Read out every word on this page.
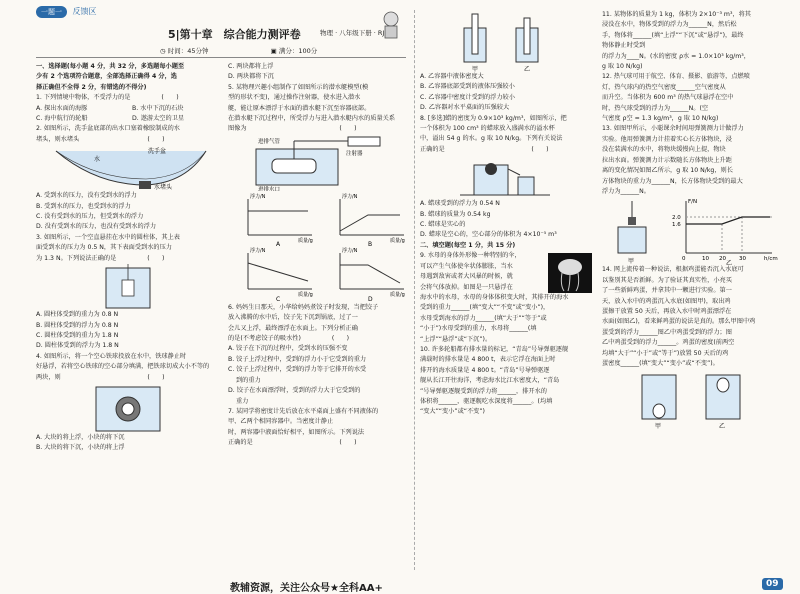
一题一 反馈区
5|第十章　综合能力测评卷	物理 · 八年级下册 · RJ
◷ 时间：45分钟	▣ 满分：100分
一、选择题(每小题 4 分，共 32 分，多选题每小题至
少有 2 个选项符合题意，全部选择正确得 4 分，选
择正确但不全得 2 分，有错选的不得分)
1. 下列情境中物体，不受浮力的是　　　　　(　　)
A. 探出水面的海豚	B. 水中下沉的石块
C. 海中航行的轮船	D. 遨游太空的卫星
2. 如图所示，洗手盆底部的出水口塞着橡胶制成的水
堵头，则水堵头　　　　　　　　　　　(　　)
洗手盆
水
水堵头
A. 受到水的压力，没有受到水的浮力
B. 受到水的压力，也受到水的浮力
C. 没有受到水的压力，但受到水的浮力
D. 没有受到水的压力，也没有受到水的浮力
3. 如图所示，一个空直悬挂在水中的圆柱体，其上表
面受到水的压力为 0.5 N，其下表面受到水的压力
为 1.3 N。下列说法正确的是　　　　　(　　)
A. 圆柱体受到的重力为 0.8 N
B. 圆柱体受到的浮力为 0.8 N
C. 圆柱体受到的重力为 1.8 N
D. 圆柱体受到的浮力为 1.8 N
4. 如图所示，将一个空心铁球投放在水中，铁球静止时
好悬浮，若将空心铁球的空心部分填满，把铁球切成大小不等的
两块，则　　　　　　　　　　　　　　(　　)
A. 大块的将上浮，小块的将下沉
B. 大块的将下沉，小块的将上浮
C. 两块都将上浮
D. 两块都将下沉
5. 某物理兴趣小组制作了如图所示的潜水艇模型(模
型的形状不变)，通过操作注射器，使水进入潜水
艇，能让原本漂浮于水面的潜水艇下沉至容器底部。
在潜水艇下沉过程中，所受浮力与进入潜水艇内水的质量关系
图像为　　　　　　　　　　　　　　　(　　)
进排气管
注射器
进排水口
浮力/N
质量/g
A
浮力/N
质量/g
B
浮力/N
质量/g
C
浮力/N
质量/g
D
6. 妈妈生日那天，小华给妈妈煮饺子时发现，当把饺子
放入沸腾的水中后，饺子先下沉到锅底，过了一
会儿又上浮，最终漂浮在水面上。下列分析正确
的是(不考虑饺子的吸水性)　　　　　(　　)
A. 饺子在下沉的过程中，受到水的压强不变
B. 饺子上浮过程中，受到的浮力小于它受到的重力
C. 饺子上浮过程中，受到的浮力等于它排开的水受
到的重力
D. 饺子在水面漂浮时，受到的浮力大于它受到的
重力
7. 某同学将密度计先后放在水平桌面上盛有不同液体的
甲、乙两个相同容器中。当密度计静止
时，两容器中液面恰好相平，如图所示。下列说法
正确的是　　　　　　　　　　　　　　(　　)
甲	乙
A. 乙容器中液体密度大
B. 乙容器底部受到的液体压强较小
C. 乙容器中密度计受到的浮力较小
D. 乙容器对水平桌面的压强较大
8. [多选]蜡的密度为 0.9×10³ kg/m³，如图所示，把
一个体积为 100 cm³ 的蜡球放入盛满水的溢水杯
中，溢出 54 g 的水。g 取 10 N/kg。下列有关说法
正确的是　　　　　　　　　　　　　　(　　)
A. 蜡球受到的浮力为 0.54 N
B. 蜡球的质量为 0.54 kg
C. 蜡球是实心的
D. 蜡球是空心的，空心部分的体积为 4×10⁻⁵ m³
二、填空题(每空 1 分，共 15 分)
9. 水母的身体外形像一种特别的伞，
可以产生气体使伞状体膨胀，当水
母遇到敌害或者大风暴的时候，就
会将气体放掉。如图是一只悬浮在
海水中的水母，水母的身体体积变大时，其排开的海水
受到的重力______(填“变大”“不变”或“变小”)，
水母受到海水的浮力______(填“大于”“等于”或
“小于”)水母受到的重力，水母将______(填
“上浮”“悬浮”或“下沉”)。
10. 许多轮船都有排水量的标记，“青岛”号导弹驱逐舰
满载时的排水量是 4 800 t，表示它浮在海面上时
排开的海水质量是 4 800 t。“青岛”号导弹驱逐
舰从长江开往海洋，考虑海水比江水密度大，“青岛
”号导弹驱逐舰受到的浮力将______，排开水的
体积将______，驱逐舰吃水深度将______。(均填
“变大”“变小”或“不变”)
11. 某物体的质量为 1 kg，体积为 2×10⁻³ m³，将其
浸没在水中，物体受到的浮力为______N，然后松
手，物体将______(填“上浮”“下沉”或“悬浮”)，最终
物体静止时受到
的浮力为____N。(水的密度 ρ水 = 1.0×10³ kg/m³，
g 取 10 N/kg)
12. 热气球可用于航空、体育、摄影、旅游等，点燃喷
灯，热气球内的热空气密度______空气密度从
而升空。当体积为 600 m³ 的热气球悬浮在空中
时，热气球受到的浮力为______N。(空
气密度 ρ空 = 1.3 kg/m³，g 取 10 N/kg)
13. 如图甲所示，小聪课余时间用弹簧测力计做浮力
实验。他用弹簧测力计挂着实心长方体物块，浸
没在装满水的水中，将物块缓慢向上提，物块
拉出水面。弹簧测力计示数随长方体物块上升距
离的变化情况如图乙所示，g 取 10 N/kg，则长
方体物块的重力为______N，长方体物块受到的最大
浮力为______N。
甲
F/N
h/cm
2.0
1.6
0	10 20 30
乙
14. 网上流传着一种说法，根据鸡蛋能否沉入水底可
以鉴别其是否新鲜。为了验证其真实性，小亮买
了一些新鲜鸡蛋，并拿其中一颗进行实验。第一
天，放入水中的鸡蛋沉入水底(如图甲)，取出鸡
蛋擦干放置 50 天后，再放入水中时鸡蛋漂浮在
水面(如图乙)，看来鲜鸡蛋的说法是真的。那么甲图中鸡
蛋受到的浮力______图乙中鸡蛋受到的浮力；图
乙中鸡蛋受到的浮力______。鸡蛋的密度(前两空
均填“大于”“小于”或“等于”)放置 50 天后的鸡
蛋密度______(填“变大”“变小”或“不变”)。
甲	乙
教辅资源，关注公众号★全科AA+	09
